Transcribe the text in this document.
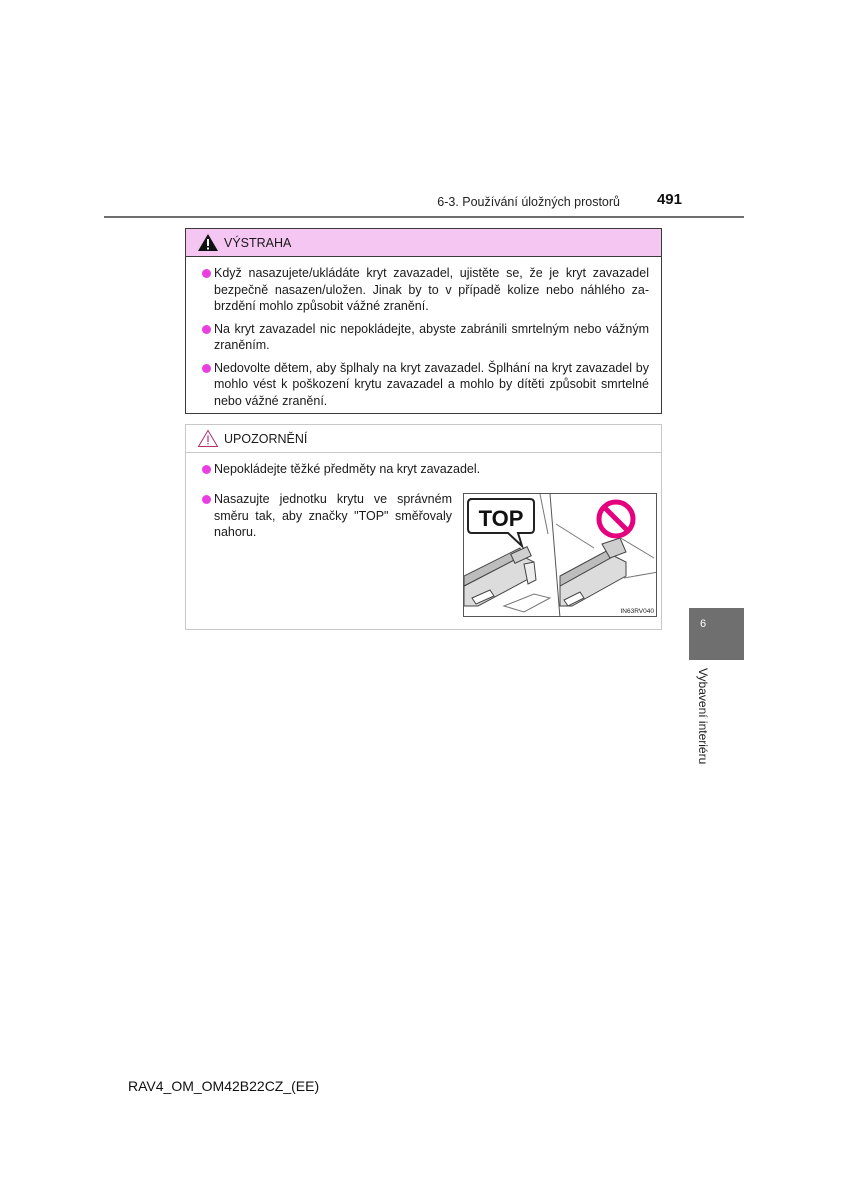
6-3. Používání úložných prostorů	491
VÝSTRAHA
Když nasazujete/ukládáte kryt zavazadel, ujistěte se, že je kryt zavazadel bezpečně nasazen/uložen. Jinak by to v případě kolize nebo náhlého zabrzdění mohlo způsobit vážné zranění.
Na kryt zavazadel nic nepokládejte, abyste zabránili smrtelným nebo vážným zraněním.
Nedovolte dětem, aby šplhaly na kryt zavazadel. Šplhání na kryt zavazadel by mohlo vést k poškození krytu zavazadel a mohlo by dítěti způsobit smrtelné nebo vážné zranění.
UPOZORNĚNÍ
Nepokládejte těžké předměty na kryt zavazadel.
Nasazujte jednotku krytu ve správném směru tak, aby značky "TOP" směřovaly nahoru.
TOP
IN63RV040
6
Vybavení interiéru
RAV4_OM_OM42B22CZ_(EE)
